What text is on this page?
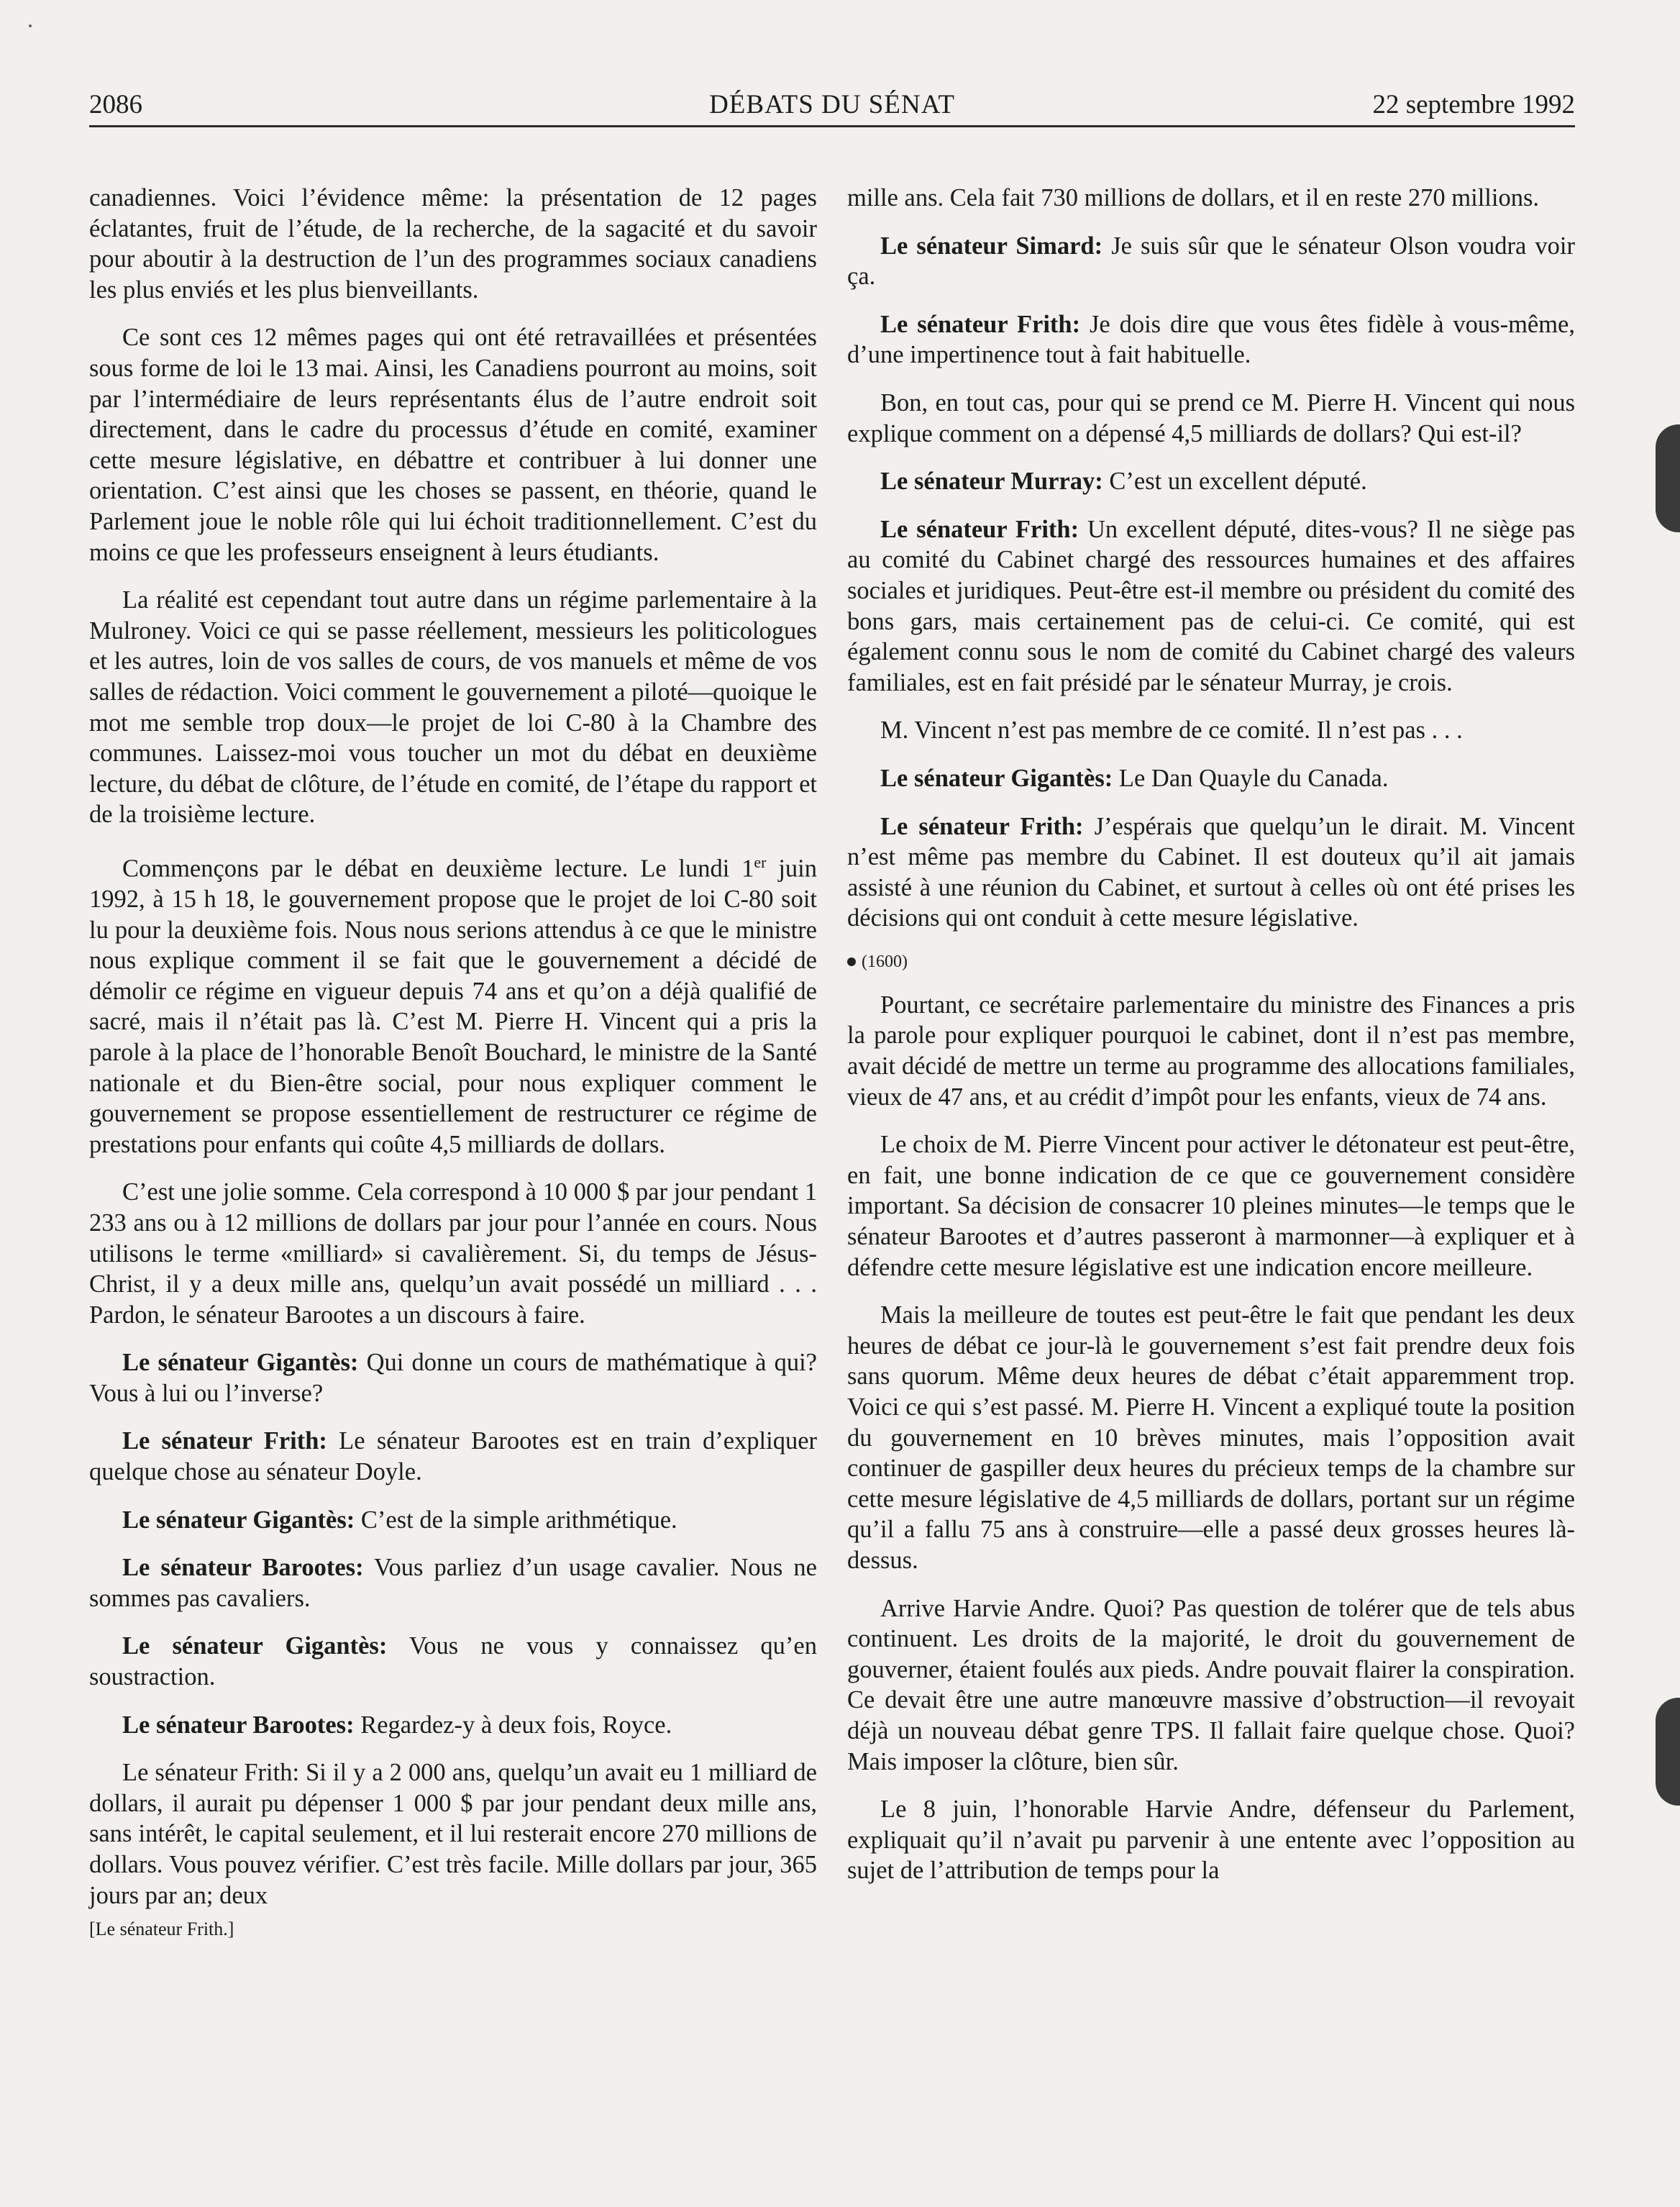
2086	DÉBATS DU SÉNAT	22 septembre 1992

canadiennes. Voici l’évidence même: la présentation de 12 pages éclatantes, fruit de l’étude, de la recherche, de la sagacité et du savoir pour aboutir à la destruction de l’un des programmes sociaux canadiens les plus enviés et les plus bienveillants.

Ce sont ces 12 mêmes pages qui ont été retravaillées et présentées sous forme de loi le 13 mai. Ainsi, les Canadiens pourront au moins, soit par l’intermédiaire de leurs représentants élus de l’autre endroit soit directement, dans le cadre du processus d’étude en comité, examiner cette mesure législative, en débattre et contribuer à lui donner une orientation. C’est ainsi que les choses se passent, en théorie, quand le Parlement joue le noble rôle qui lui échoit traditionnellement. C’est du moins ce que les professeurs enseignent à leurs étudiants.

La réalité est cependant tout autre dans un régime parlementaire à la Mulroney. Voici ce qui se passe réellement, messieurs les politicologues et les autres, loin de vos salles de cours, de vos manuels et même de vos salles de rédaction. Voici comment le gouvernement a piloté—quoique le mot me semble trop doux—le projet de loi C-80 à la Chambre des communes. Laissez-moi vous toucher un mot du débat en deuxième lecture, du débat de clôture, de l’étude en comité, de l’étape du rapport et de la troisième lecture.

Commençons par le débat en deuxième lecture. Le lundi 1er juin 1992, à 15 h 18, le gouvernement propose que le projet de loi C-80 soit lu pour la deuxième fois. Nous nous serions attendus à ce que le ministre nous explique comment il se fait que le gouvernement a décidé de démolir ce régime en vigueur depuis 74 ans et qu’on a déjà qualifié de sacré, mais il n’était pas là. C’est M. Pierre H. Vincent qui a pris la parole à la place de l’honorable Benoît Bouchard, le ministre de la Santé nationale et du Bien-être social, pour nous expliquer comment le gouvernement se propose essentiellement de restructurer ce régime de prestations pour enfants qui coûte 4,5 milliards de dollars.

C’est une jolie somme. Cela correspond à 10 000 $ par jour pendant 1 233 ans ou à 12 millions de dollars par jour pour l’année en cours. Nous utilisons le terme «milliard» si cavalièrement. Si, du temps de Jésus-Christ, il y a deux mille ans, quelqu’un avait possédé un milliard . . . Pardon, le sénateur Barootes a un discours à faire.

Le sénateur Gigantès: Qui donne un cours de mathématique à qui? Vous à lui ou l’inverse?

Le sénateur Frith: Le sénateur Barootes est en train d’expliquer quelque chose au sénateur Doyle.

Le sénateur Gigantès: C’est de la simple arithmétique.

Le sénateur Barootes: Vous parliez d’un usage cavalier. Nous ne sommes pas cavaliers.

Le sénateur Gigantès: Vous ne vous y connaissez qu’en soustraction.

Le sénateur Barootes: Regardez-y à deux fois, Royce.

Le sénateur Frith: Si il y a 2 000 ans, quelqu’un avait eu 1 milliard de dollars, il aurait pu dépenser 1 000 $ par jour pendant deux mille ans, sans intérêt, le capital seulement, et il lui resterait encore 270 millions de dollars. Vous pouvez vérifier. C’est très facile. Mille dollars par jour, 365 jours par an; deux

[Le sénateur Frith.]

mille ans. Cela fait 730 millions de dollars, et il en reste 270 millions.

Le sénateur Simard: Je suis sûr que le sénateur Olson voudra voir ça.

Le sénateur Frith: Je dois dire que vous êtes fidèle à vous-même, d’une impertinence tout à fait habituelle.

Bon, en tout cas, pour qui se prend ce M. Pierre H. Vincent qui nous explique comment on a dépensé 4,5 milliards de dollars? Qui est-il?

Le sénateur Murray: C’est un excellent député.

Le sénateur Frith: Un excellent député, dites-vous? Il ne siège pas au comité du Cabinet chargé des ressources humaines et des affaires sociales et juridiques. Peut-être est-il membre ou président du comité des bons gars, mais certainement pas de celui-ci. Ce comité, qui est également connu sous le nom de comité du Cabinet chargé des valeurs familiales, est en fait présidé par le sénateur Murray, je crois.

M. Vincent n’est pas membre de ce comité. Il n’est pas . . .

Le sénateur Gigantès: Le Dan Quayle du Canada.

Le sénateur Frith: J’espérais que quelqu’un le dirait. M. Vincent n’est même pas membre du Cabinet. Il est douteux qu’il ait jamais assisté à une réunion du Cabinet, et surtout à celles où ont été prises les décisions qui ont conduit à cette mesure législative.

(1600)

Pourtant, ce secrétaire parlementaire du ministre des Finances a pris la parole pour expliquer pourquoi le cabinet, dont il n’est pas membre, avait décidé de mettre un terme au programme des allocations familiales, vieux de 47 ans, et au crédit d’impôt pour les enfants, vieux de 74 ans.

Le choix de M. Pierre Vincent pour activer le détonateur est peut-être, en fait, une bonne indication de ce que ce gouvernement considère important. Sa décision de consacrer 10 pleines minutes—le temps que le sénateur Barootes et d’autres passeront à marmonner—à expliquer et à défendre cette mesure législative est une indication encore meilleure.

Mais la meilleure de toutes est peut-être le fait que pendant les deux heures de débat ce jour-là le gouvernement s’est fait prendre deux fois sans quorum. Même deux heures de débat c’était apparemment trop. Voici ce qui s’est passé. M. Pierre H. Vincent a expliqué toute la position du gouvernement en 10 brèves minutes, mais l’opposition avait continuer de gaspiller deux heures du précieux temps de la chambre sur cette mesure législative de 4,5 milliards de dollars, portant sur un régime qu’il a fallu 75 ans à construire—elle a passé deux grosses heures là-dessus.

Arrive Harvie Andre. Quoi? Pas question de tolérer que de tels abus continuent. Les droits de la majorité, le droit du gouvernement de gouverner, étaient foulés aux pieds. Andre pouvait flairer la conspiration. Ce devait être une autre manœuvre massive d’obstruction—il revoyait déjà un nouveau débat genre TPS. Il fallait faire quelque chose. Quoi? Mais imposer la clôture, bien sûr.

Le 8 juin, l’honorable Harvie Andre, défenseur du Parlement, expliquait qu’il n’avait pu parvenir à une entente avec l’opposition au sujet de l’attribution de temps pour la
